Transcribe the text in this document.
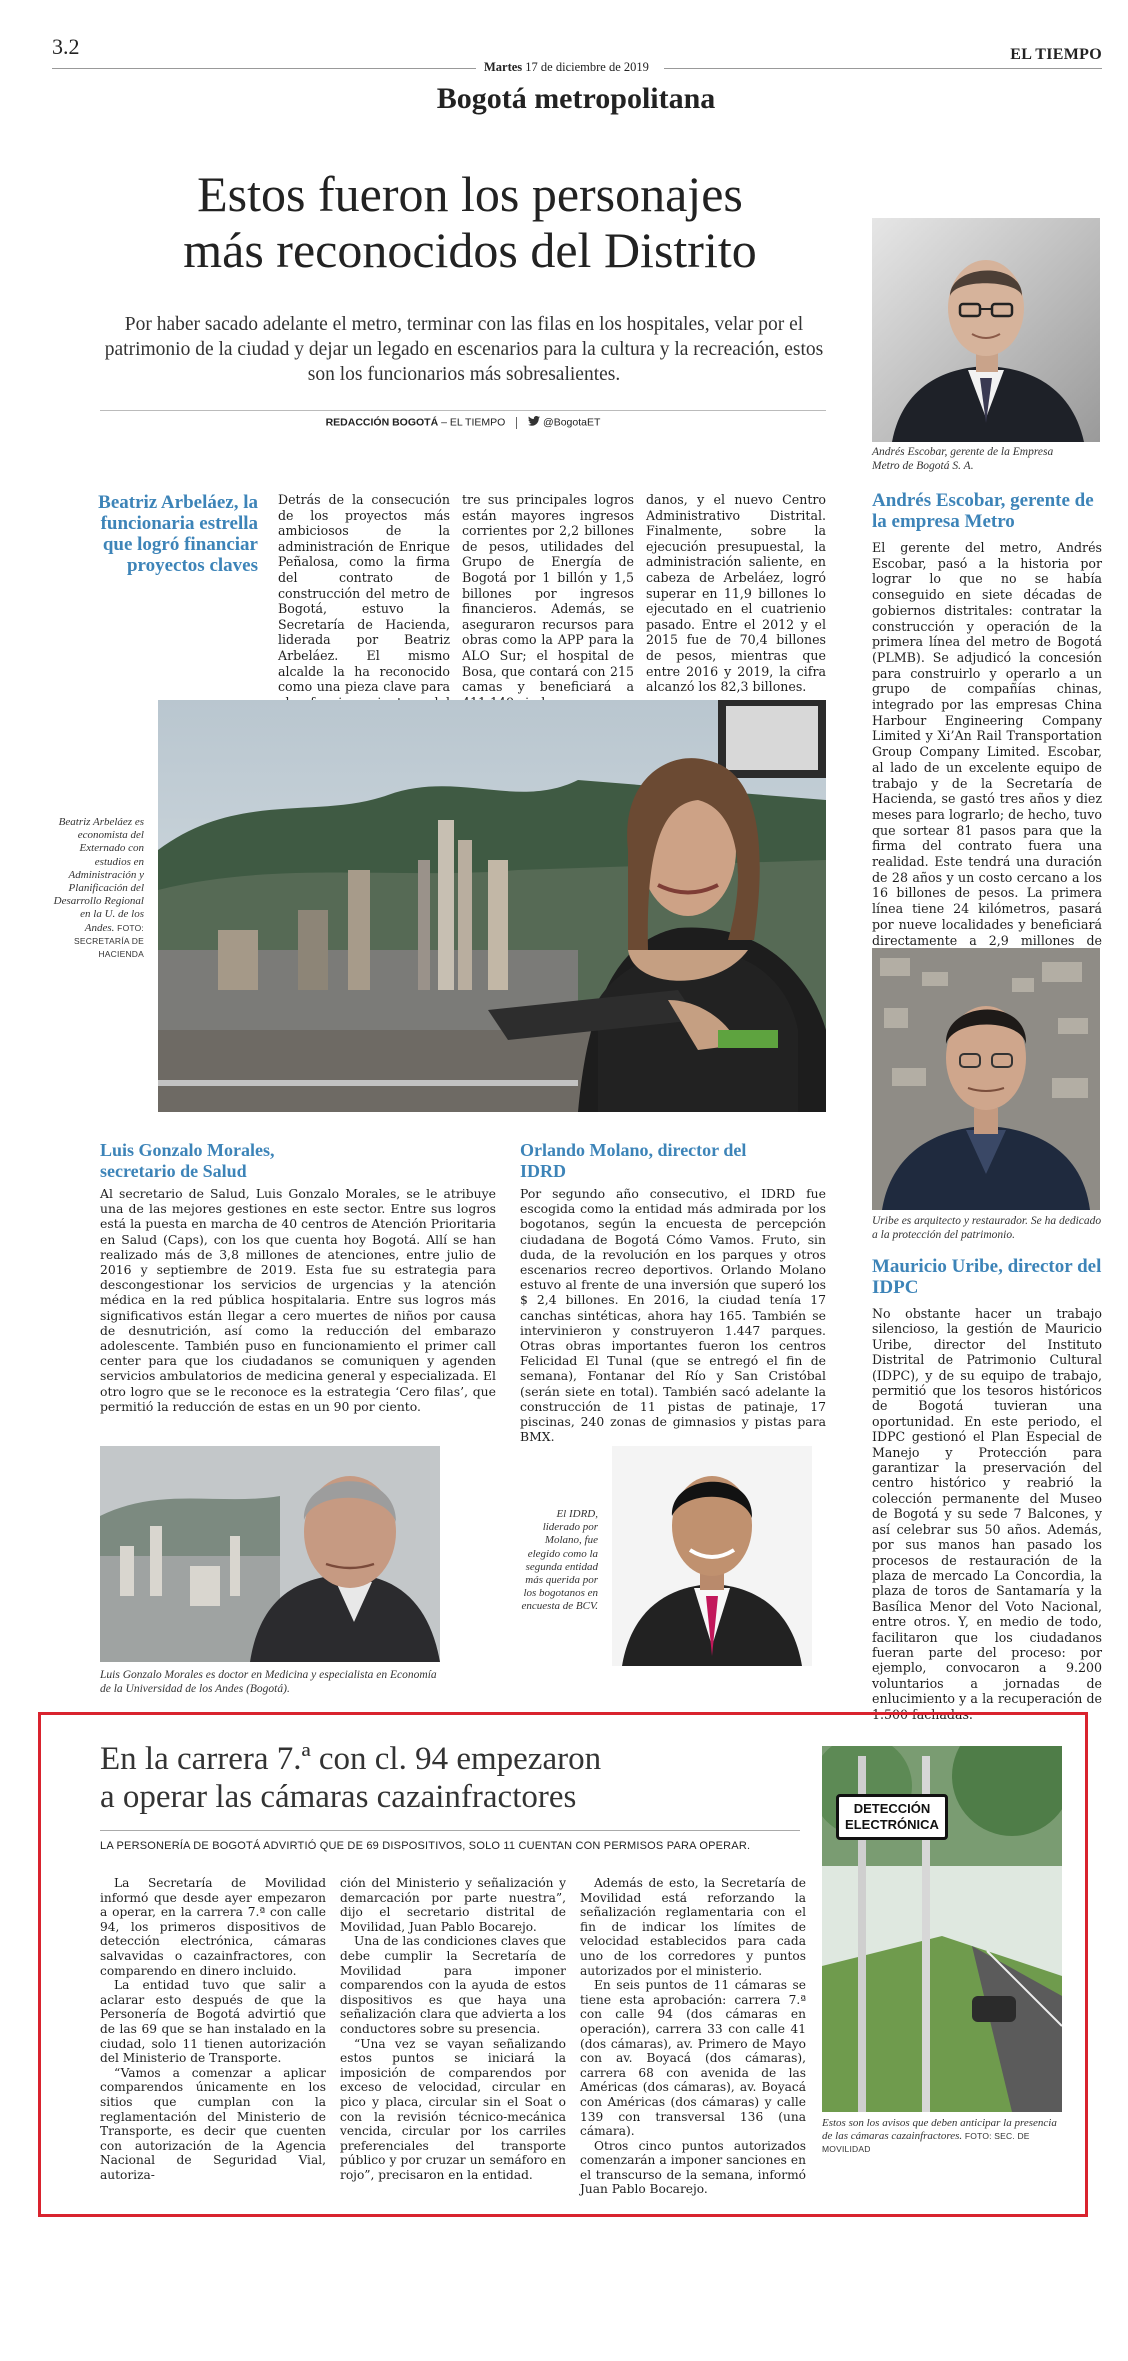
3.2
Martes 17 de diciembre de 2019
EL TIEMPO
Bogotá metropolitana
Estos fueron los personajes
más reconocidos del Distrito
Por haber sacado adelante el metro, terminar con las filas en los hospitales, velar por el patrimonio de la ciudad y dejar un legado en escenarios para la cultura y la recreación, estos son los funcionarios más sobresalientes.
REDACCIÓN BOGOTÁ – EL TIEMPO	@BogotaET
Andrés Escobar, gerente de la Empresa Metro de Bogotá S. A.
Andrés Escobar, gerente de la empresa Metro

El gerente del metro, Andrés Escobar, pasó a la historia por lograr lo que no se había conseguido en siete décadas de gobiernos distritales: contratar la construcción y operación de la primera línea del metro de Bogotá (PLMB). Se adjudicó la concesión para construirlo y operarlo a un grupo de compañías chinas, integrado por las empresas China Harbour Engineering Company Limited y Xi’An Rail Transportation Group Company Limited. Escobar, al lado de un excelente equipo de trabajo y de la Secretaría de Hacienda, se gastó tres años y diez meses para lograrlo; de hecho, tuvo que sortear 81 pasos para que la firma del contrato fuera una realidad. Este tendrá una duración de 28 años y un costo cercano a los 16 billones de pesos. La primera línea tiene 24 kilómetros, pasará por nueve localidades y beneficiará directamente a 2,9 millones de

Beatriz Arbeláez, la funcionaria estrella que logró financiar proyectos claves

Detrás de la consecución de los proyectos más ambiciosos de la administración de Enrique Peñalosa, como la firma del contrato de construcción del metro de Bogotá, estuvo la Secretaría de Hacienda, liderada por Beatriz Arbeláez. El mismo alcalde la ha reconocido como una pieza clave para

tre sus principales logros están mayores ingresos corrientes por 2,2 billones de pesos, utilidades del Grupo de Energía de Bogotá por 1 billón y 1,5 billones por ingresos financieros. Además, se aseguraron recursos para obras como la APP para la ALO Sur; el hospital de Bosa, que contará con 215 camas y beneficiará a

danos, y el nuevo Centro Administrativo Distrital. Finalmente, sobre la ejecución presupuestal, la administración saliente, en cabeza de Arbeláez, logró superar en 11,9 billones lo ejecutado en el cuatrienio pasado. Entre el 2012 y el 2015 fue de 70,4 billones de pesos, mientras que entre 2016 y 2019, la cifra alcanzó los 82,3 billones.

Beatriz Arbeláez es economista del Externado con estudios en Administración y Planificación del Desarrollo Regional en la U. de los Andes. FOTO: SECRETARÍA DE HACIENDA
Uribe es arquitecto y restaurador. Se ha dedicado a la protección del patrimonio.
Mauricio Uribe, director del IDPC

No obstante hacer un trabajo silencioso, la gestión de Mauricio Uribe, director del Instituto Distrital de Patrimonio Cultural (IDPC), y de su equipo de trabajo, permitió que los tesoros históricos de Bogotá tuvieran una oportunidad. En este periodo, el IDPC gestionó el Plan Especial de Manejo y Protección para garantizar la preservación del centro histórico y reabrió la colección permanente del Museo de Bogotá y su sede 7 Balcones, y así celebrar sus 50 años. Además, por sus manos han pasado los procesos de restauración de la plaza de mercado La Concordia, la plaza de toros de Santamaría y la Basílica Menor del Voto Nacional, entre otros. Y, en medio de todo, facilitaron que los ciudadanos fueran parte del proceso: por ejemplo, convocaron a 9.200 voluntarios a jornadas de enlucimiento y a la recuperación de 1.500 fachadas.

Luis Gonzalo Morales, secretario de Salud

Al secretario de Salud, Luis Gonzalo Morales, se le atribuye una de las mejores gestiones en este sector. Entre sus logros está la puesta en marcha de 40 centros de Atención Prioritaria en Salud (Caps), con los que cuenta hoy Bogotá. Allí se han realizado más de 3,8 millones de atenciones, entre julio de 2016 y septiembre de 2019. Esta fue su estrategia para descongestionar los servicios de urgencias y la atención médica en la red pública hospitalaria. Entre sus logros más significativos están llegar a cero muertes de niños por causa de desnutrición, así como la reducción del embarazo adolescente. También puso en funcionamiento el primer call center para que los ciudadanos se comuniquen y agenden servicios ambulatorios de medicina general y especializada. El otro logro que se le reconoce es la estrategia ‘Cero filas’, que permitió la reducción de estas en un 90 por ciento.

Luis Gonzalo Morales es doctor en Medicina y especialista en Economía de la Universidad de los Andes (Bogotá).
Orlando Molano, director del IDRD

Por segundo año consecutivo, el IDRD fue escogida como la entidad más admirada por los bogotanos, según la encuesta de percepción ciudadana de Bogotá Cómo Vamos. Fruto, sin duda, de la revolución en los parques y otros escenarios recreo deportivos. Orlando Molano estuvo al frente de una inversión que superó los $ 2,4 billones. En 2016, la ciudad tenía 17 canchas sintéticas, ahora hay 165. También se intervinieron y construyeron 1.447 parques. Otras obras importantes fueron los centros Felicidad El Tunal (que se entregó el fin de semana), Fontanar del Río y San Cristóbal (serán siete en total). También sacó adelante la construcción de 11 pistas de patinaje, 17 piscinas, 240 zonas de gimnasios y pistas para BMX.

El IDRD, liderado por Molano, fue elegido como la segunda entidad más querida por los bogotanos en encuesta de BCV.
En la carrera 7.ª con cl. 94 empezaron
a operar las cámaras cazainfractores
LA PERSONERÍA DE BOGOTÁ ADVIRTIÓ QUE DE 69 DISPOSITIVOS, SOLO 11 CUENTAN CON PERMISOS PARA OPERAR.

La Secretaría de Movilidad informó que desde ayer empezaron a operar, en la carrera 7.ª con calle 94, los primeros dispositivos de detección electrónica, cámaras salvavidas o cazainfractores, con comparendo en dinero incluido.

La entidad tuvo que salir a aclarar esto después de que la Personería de Bogotá advirtió que de las 69 que se han instalado en la ciudad, solo 11 tienen autorización del Ministerio de Transporte.

“Vamos a comenzar a aplicar comparendos únicamente en los sitios que cumplan con la reglamentación del Ministerio de Transporte, es decir que cuenten con autorización de la Agencia Nacional de Seguridad Vial, autoriza-

ción del Ministerio y señalización y demarcación por parte nuestra”, dijo el secretario distrital de Movilidad, Juan Pablo Bocarejo.

Una de las condiciones claves que debe cumplir la Secretaría de Movilidad para imponer comparendos con la ayuda de estos dispositivos es que haya una señalización clara que advierta a los conductores sobre su presencia.

“Una vez se vayan señalizando estos puntos se iniciará la imposición de comparendos por exceso de velocidad, circular en pico y placa, circular sin el Soat o con la revisión técnico-mecánica vencida, circular por los carriles preferenciales del transporte público y por cruzar un semáforo en rojo”, precisaron en la entidad.

Además de esto, la Secretaría de Movilidad está reforzando la señalización reglamentaria con el fin de indicar los límites de velocidad establecidos para cada uno de los corredores y puntos autorizados por el ministerio.

En seis puntos de 11 cámaras se tiene esta aprobación: carrera 7.ª con calle 94 (dos cámaras en operación), carrera 33 con calle 41 (dos cámaras), av. Primero de Mayo con av. Boyacá (dos cámaras), carrera 68 con avenida de las Américas (dos cámaras), av. Boyacá con Américas (dos cámaras) y calle 139 con transversal 136 (una cámara).

Otros cinco puntos autorizados comenzarán a imponer sanciones en el transcurso de la semana, informó Juan Pablo Bocarejo.

DETECCIÓN
ELECTRÓNICA
Estos son los avisos que deben anticipar la presencia de las cámaras cazainfractores. FOTO: SEC. DE MOVILIDAD
